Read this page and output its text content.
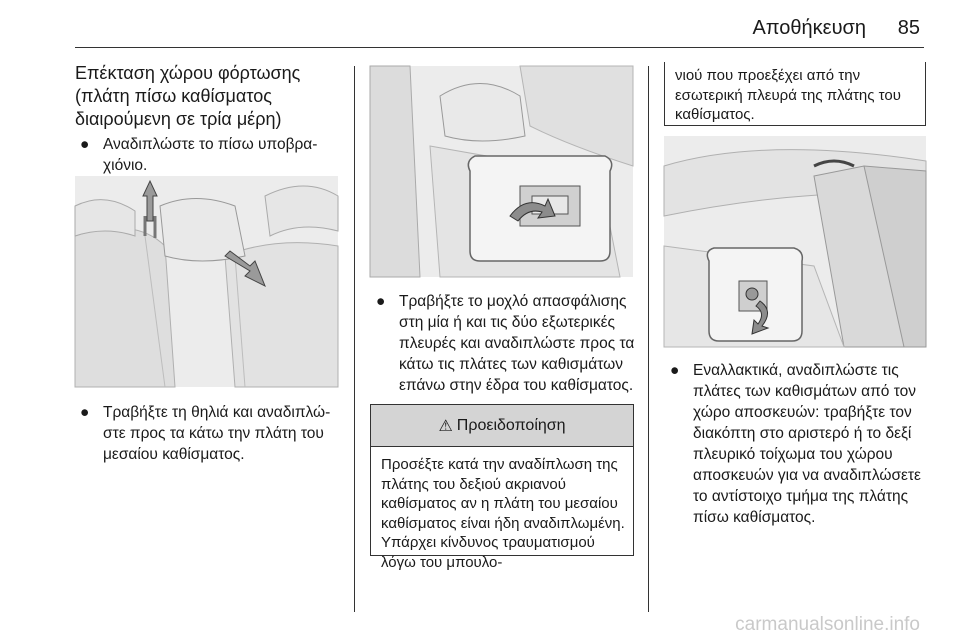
Αποθήκευση 85
Επέκταση χώρου φόρτωσης (πλάτη πίσω καθίσματος διαιρούμενη σε τρία μέρη)
● Αναδιπλώστε το πίσω υποβραχιόνιο.
● Τραβήξτε τη θηλιά και αναδιπλώστε προς τα κάτω την πλάτη του μεσαίου καθίσματος.
● Τραβήξτε το μοχλό απασφάλισης στη μία ή και τις δύο εξωτερικές πλευρές και αναδιπλώστε προς τα κάτω τις πλάτες των καθισμάτων επάνω στην έδρα του καθίσματος.
⚠ Προειδοποίηση
Προσέξτε κατά την αναδίπλωση της πλάτης του δεξιού ακριανού καθίσματος αν η πλάτη του μεσαίου καθίσματος είναι ήδη αναδιπλωμένη. Υπάρχει κίνδυνος τραυματισμού λόγω του μπουλο-
νιού που προεξέχει από την εσωτερική πλευρά της πλάτης του καθίσματος.
● Εναλλακτικά, αναδιπλώστε τις πλάτες των καθισμάτων από τον χώρο αποσκευών: τραβήξτε τον διακόπτη στο αριστερό ή το δεξί πλευρικό τοίχωμα του χώρου αποσκευών για να αναδιπλώσετε το αντίστοιχο τμήμα της πλάτης πίσω καθίσματος.
carmanualsonline.info
